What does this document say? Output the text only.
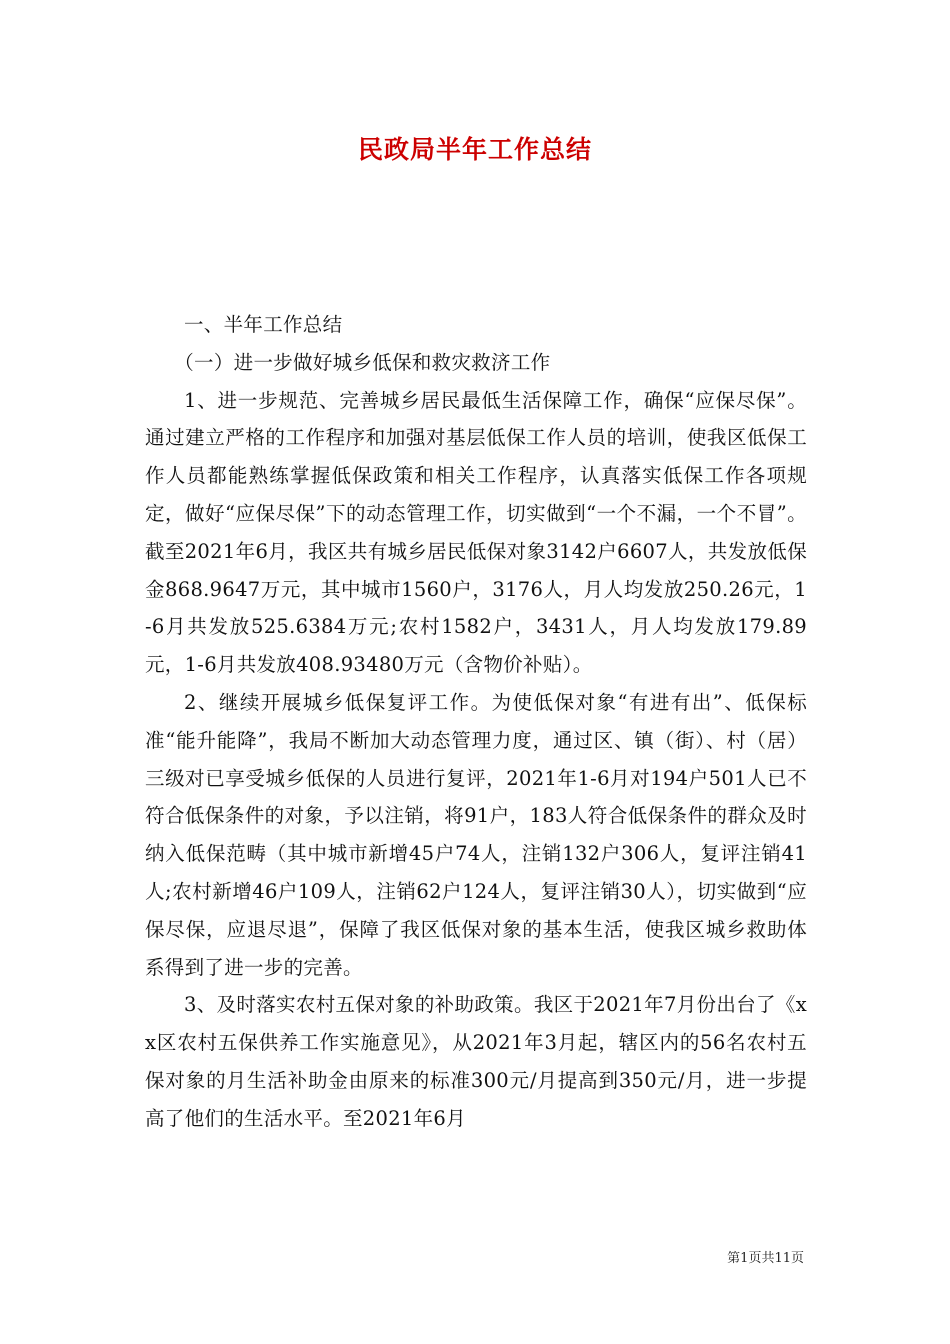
民政局半年工作总结

一、半年工作总结

（一）进一步做好城乡低保和救灾救济工作

1、进一步规范、完善城乡居民最低生活保障工作，确保“应保尽保”。通过建立严格的工作程序和加强对基层低保工作人员的培训，使我区低保工作人员都能熟练掌握低保政策和相关工作程序，认真落实低保工作各项规定，做好“应保尽保”下的动态管理工作，切实做到“一个不漏，一个不冒”。截至2021年6月，我区共有城乡居民低保对象3142户6607人，共发放低保金868.9647万元，其中城市1560户，3176人，月人均发放250.26元，1-6月共发放525.6384万元;农村1582户，3431人，月人均发放179.89元，1-6月共发放408.93480万元（含物价补贴）。

2、继续开展城乡低保复评工作。为使低保对象“有进有出”、低保标准“能升能降”，我局不断加大动态管理力度，通过区、镇（街）、村（居）三级对已享受城乡低保的人员进行复评，2021年1-6月对194户501人已不符合低保条件的对象，予以注销，将91户，183人符合低保条件的群众及时纳入低保范畴（其中城市新增45户74人，注销132户306人，复评注销41人;农村新增46户109人，注销62户124人，复评注销30人），切实做到“应保尽保，应退尽退”，保障了我区低保对象的基本生活，使我区城乡救助体系得到了进一步的完善。

3、及时落实农村五保对象的补助政策。我区于2021年7月份出台了《xx区农村五保供养工作实施意见》，从2021年3月起，辖区内的56名农村五保对象的月生活补助金由原来的标准300元/月提高到350元/月，进一步提高了他们的生活水平。至2021年6月

第1页共11页
